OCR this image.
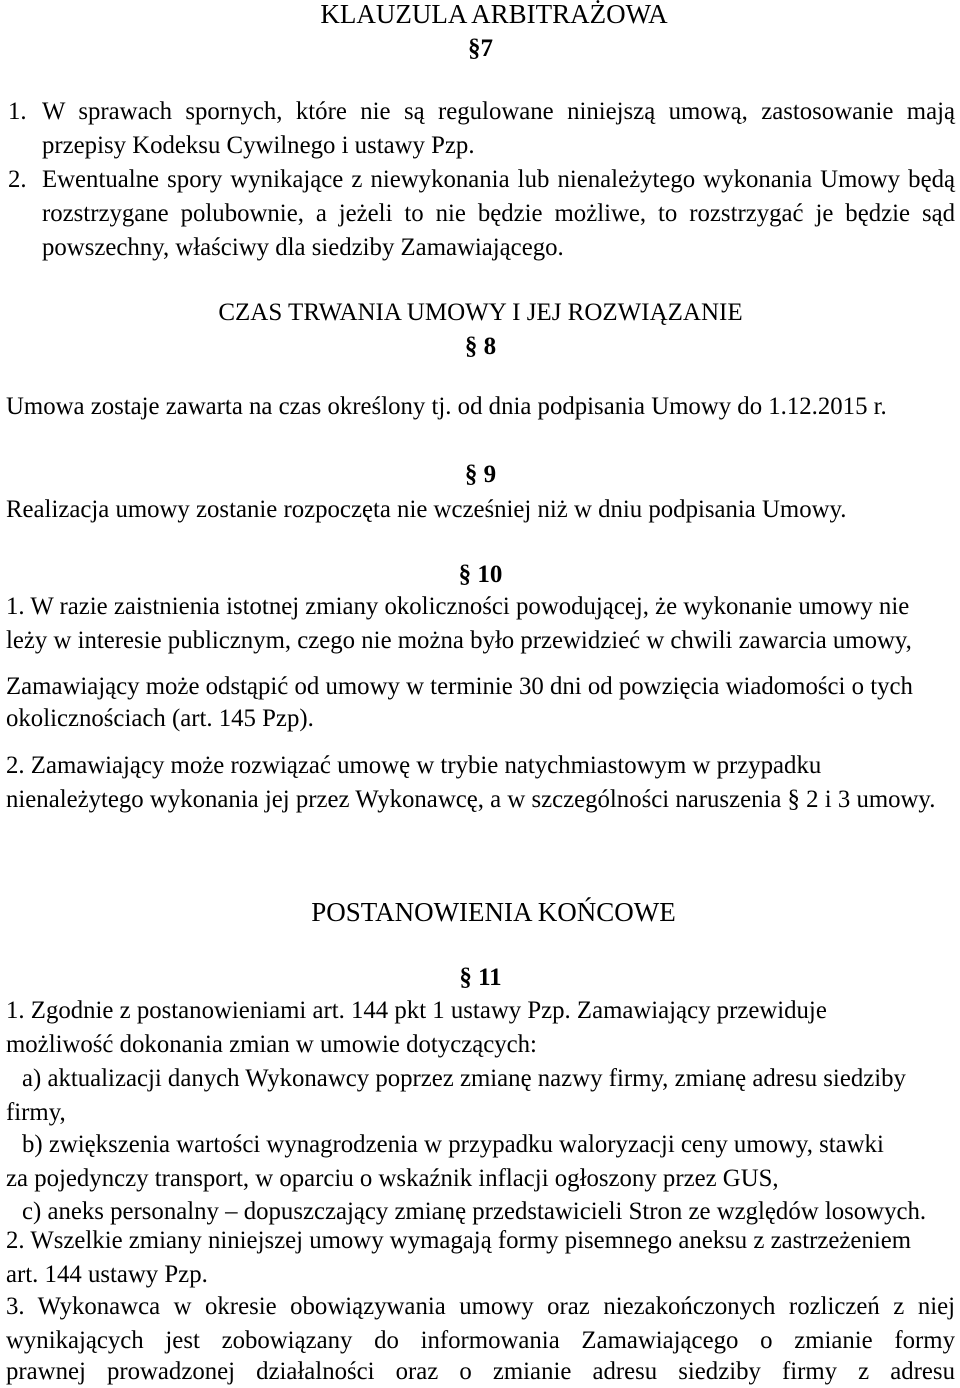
KLAUZULA ARBITRAŻOWA
§7
1. W sprawach spornych, które nie są regulowane niniejszą umową, zastosowanie mają
przepisy Kodeksu Cywilnego i ustawy Pzp.
2. Ewentualne spory wynikające z niewykonania lub nienależytego wykonania Umowy będą
rozstrzygane polubownie, a jeżeli to nie będzie możliwe, to rozstrzygać je będzie sąd
powszechny, właściwy dla siedziby Zamawiającego.
CZAS TRWANIA UMOWY I JEJ ROZWIĄZANIE
§ 8
Umowa zostaje zawarta na czas określony tj. od dnia podpisania Umowy do 1.12.2015 r.
§ 9
Realizacja umowy zostanie rozpoczęta nie wcześniej niż w dniu podpisania Umowy.
§ 10
1. W razie zaistnienia istotnej zmiany okoliczności powodującej, że wykonanie umowy nie
leży w interesie publicznym, czego nie można było przewidzieć w chwili zawarcia umowy,
Zamawiający może odstąpić od umowy w terminie 30 dni od powzięcia wiadomości o tych
okolicznościach (art. 145 Pzp).
2. Zamawiający może rozwiązać umowę w trybie natychmiastowym w przypadku
nienależytego wykonania jej przez Wykonawcę, a w szczególności naruszenia § 2 i 3 umowy.
POSTANOWIENIA KOŃCOWE
§ 11
1. Zgodnie z postanowieniami art. 144 pkt 1 ustawy Pzp. Zamawiający przewiduje
możliwość dokonania zmian w umowie dotyczących:
a) aktualizacji danych Wykonawcy poprzez zmianę nazwy firmy, zmianę adresu siedziby
firmy,
b) zwiększenia wartości wynagrodzenia w przypadku waloryzacji ceny umowy, stawki
za pojedynczy transport, w oparciu o wskaźnik inflacji ogłoszony przez GUS,
c) aneks personalny – dopuszczający zmianę przedstawicieli Stron ze względów losowych.
2. Wszelkie zmiany niniejszej umowy wymagają formy pisemnego aneksu z zastrzeżeniem
art. 144 ustawy Pzp.
3. Wykonawca w okresie obowiązywania umowy oraz niezakończonych rozliczeń z niej
wynikających jest zobowiązany do informowania Zamawiającego o zmianie formy
prawnej prowadzonej działalności oraz o zmianie adresu siedziby firmy z adresu
